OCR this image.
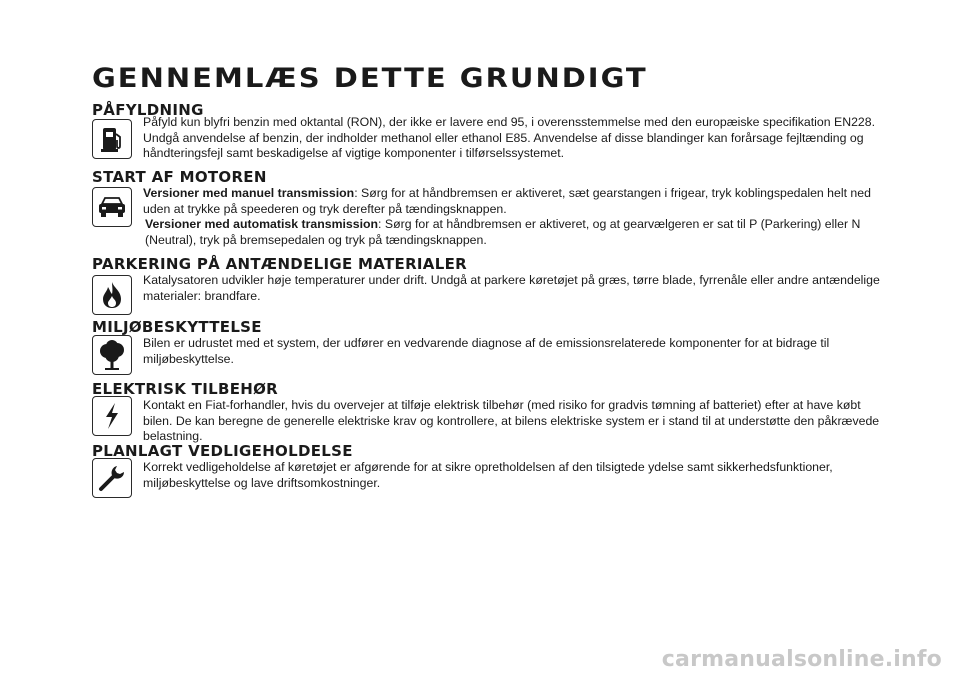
GENNEMLÆS DETTE GRUNDIGT
PÅFYLDNING

Påfyld kun blyfri benzin med oktantal (RON), der ikke er lavere end 95, i overensstemmelse med den europæiske specifikation EN228. Undgå anvendelse af benzin, der indholder methanol eller ethanol E85. Anvendelse af disse blandinger kan forårsage fejltænding og håndteringsfejl samt beskadigelse af vigtige komponenter i tilførselssystemet.

START AF MOTOREN

Versioner med manuel transmission: Sørg for at håndbremsen er aktiveret, sæt gearstangen i frigear, tryk koblingspedalen helt ned uden at trykke på speederen og tryk derefter på tændingsknappen.

Versioner med automatisk transmission: Sørg for at håndbremsen er aktiveret, og at gearvælgeren er sat til P (Parkering) eller N (Neutral), tryk på bremsepedalen og tryk på tændingsknappen.

PARKERING PÅ ANTÆNDELIGE MATERIALER

Katalysatoren udvikler høje temperaturer under drift. Undgå at parkere køretøjet på græs, tørre blade, fyrrenåle eller andre antændelige materialer: brandfare.

MILJØBESKYTTELSE

Bilen er udrustet med et system, der udfører en vedvarende diagnose af de emissionsrelaterede komponenter for at bidrage til miljøbeskyttelse.

ELEKTRISK TILBEHØR

Kontakt en Fiat-forhandler, hvis du overvejer at tilføje elektrisk tilbehør (med risiko for gradvis tømning af batteriet) efter at have købt bilen. De kan beregne de generelle elektriske krav og kontrollere, at bilens elektriske system er i stand til at understøtte den påkrævede belastning.

PLANLAGT VEDLIGEHOLDELSE

Korrekt vedligeholdelse af køretøjet er afgørende for at sikre opretholdelsen af den tilsigtede ydelse samt sikkerhedsfunktioner, miljøbeskyttelse og lave driftsomkostninger.

carmanualsonline.info
